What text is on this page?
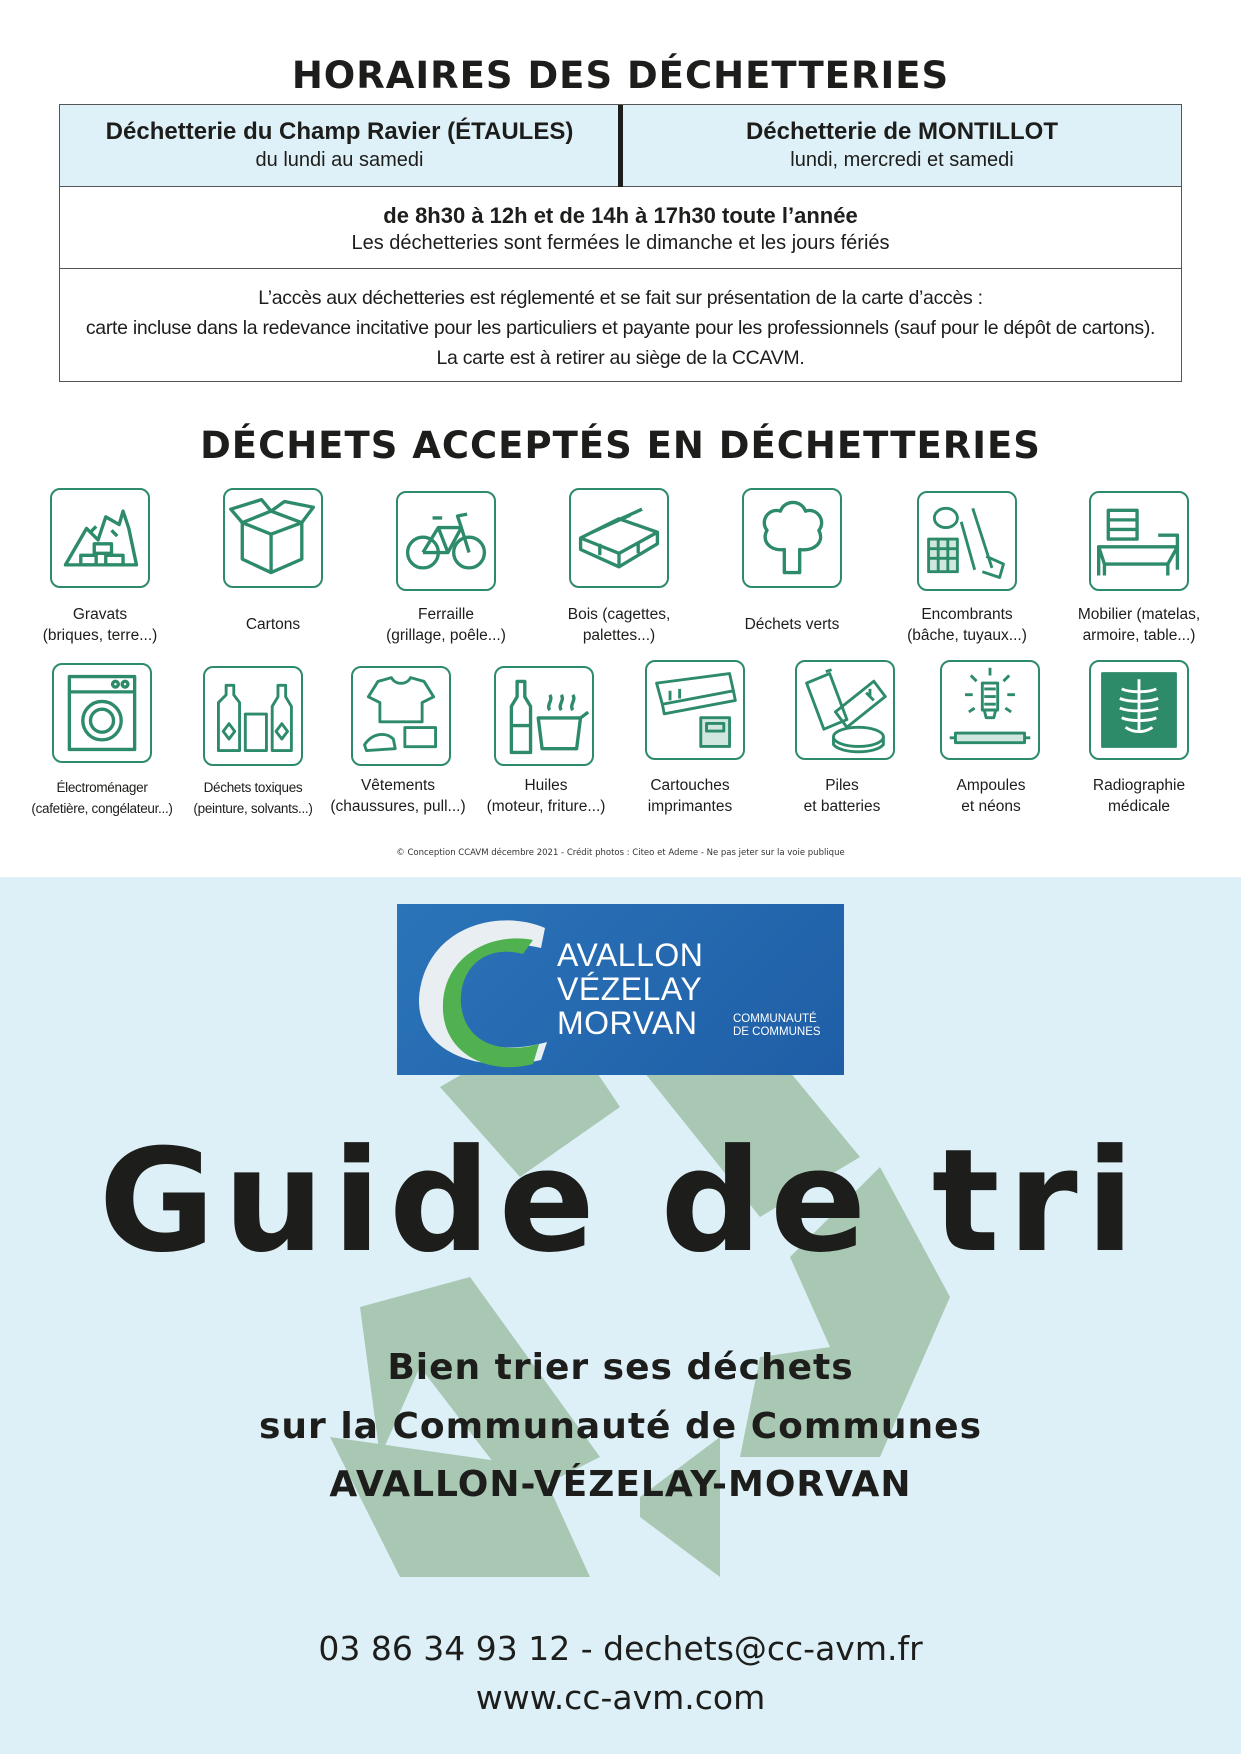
HORAIRES DES DÉCHETTERIES
Déchetterie du Champ Ravier (ÉTAULES)
du lundi au samedi
Déchetterie de MONTILLOT
lundi, mercredi et samedi
de 8h30 à 12h et de 14h à 17h30 toute l’année
Les déchetteries sont fermées le dimanche et les jours fériés
L’accès aux déchetteries est réglementé et se fait sur présentation de la carte d’accès :
carte incluse dans la redevance incitative pour les particuliers et payante pour les professionnels (sauf pour le dépôt de cartons).
La carte est à retirer au siège de la CCAVM.
DÉCHETS ACCEPTÉS EN DÉCHETTERIES
Gravats
(briques, terre...)
Cartons
Ferraille
(grillage, poêle...)
Bois (cagettes,
palettes...)
Déchets verts
Encombrants
(bâche, tuyaux...)
Mobilier (matelas,
armoire, table...)
Électroménager
(cafetière, congélateur...)
Déchets toxiques
(peinture, solvants...)
Vêtements
(chaussures, pull...)
Huiles
(moteur, friture...)
Cartouches
imprimantes
Piles
et batteries
Ampoules
et néons
Radiographie
médicale
© Conception CCAVM décembre 2021 - Crédit photos : Citeo et Ademe - Ne pas jeter sur la voie publique
AVALLON
VÉZELAY
MORVAN	COMMUNAUTÉ
DE COMMUNES
Guide de tri
Bien trier ses déchets
sur la Communauté de Communes
AVALLON-VÉZELAY-MORVAN
03 86 34 93 12 - dechets@cc-avm.fr
www.cc-avm.com
